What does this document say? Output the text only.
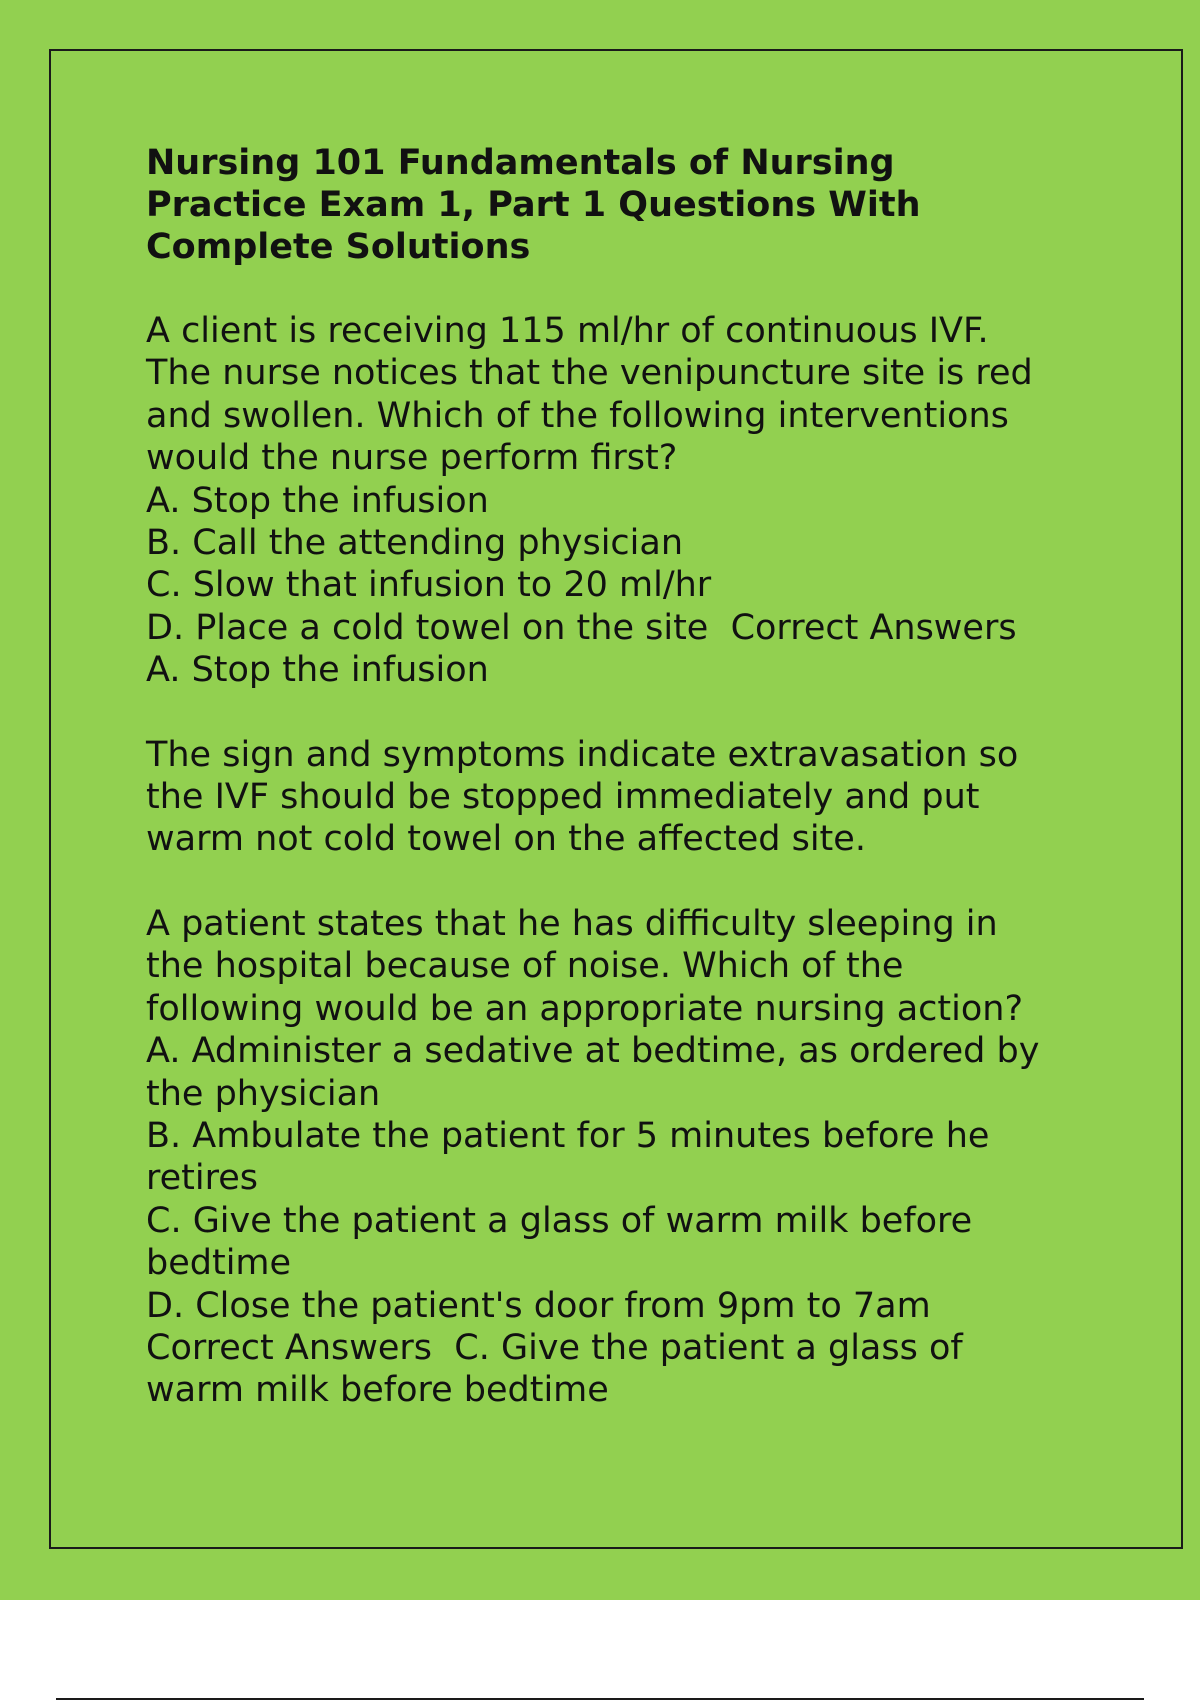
Nursing 101 Fundamentals of Nursing
Practice Exam 1, Part 1 Questions With
Complete Solutions
A client is receiving 115 ml/hr of continuous IVF.
The nurse notices that the venipuncture site is red
and swollen. Which of the following interventions
would the nurse perform first?
A. Stop the infusion
B. Call the attending physician
C. Slow that infusion to 20 ml/hr
D. Place a cold towel on the site  Correct Answers
A. Stop the infusion
The sign and symptoms indicate extravasation so
the IVF should be stopped immediately and put
warm not cold towel on the affected site.
A patient states that he has difficulty sleeping in
the hospital because of noise. Which of the
following would be an appropriate nursing action?
A. Administer a sedative at bedtime, as ordered by
the physician
B. Ambulate the patient for 5 minutes before he
retires
C. Give the patient a glass of warm milk before
bedtime
D. Close the patient's door from 9pm to 7am
Correct Answers  C. Give the patient a glass of
warm milk before bedtime
